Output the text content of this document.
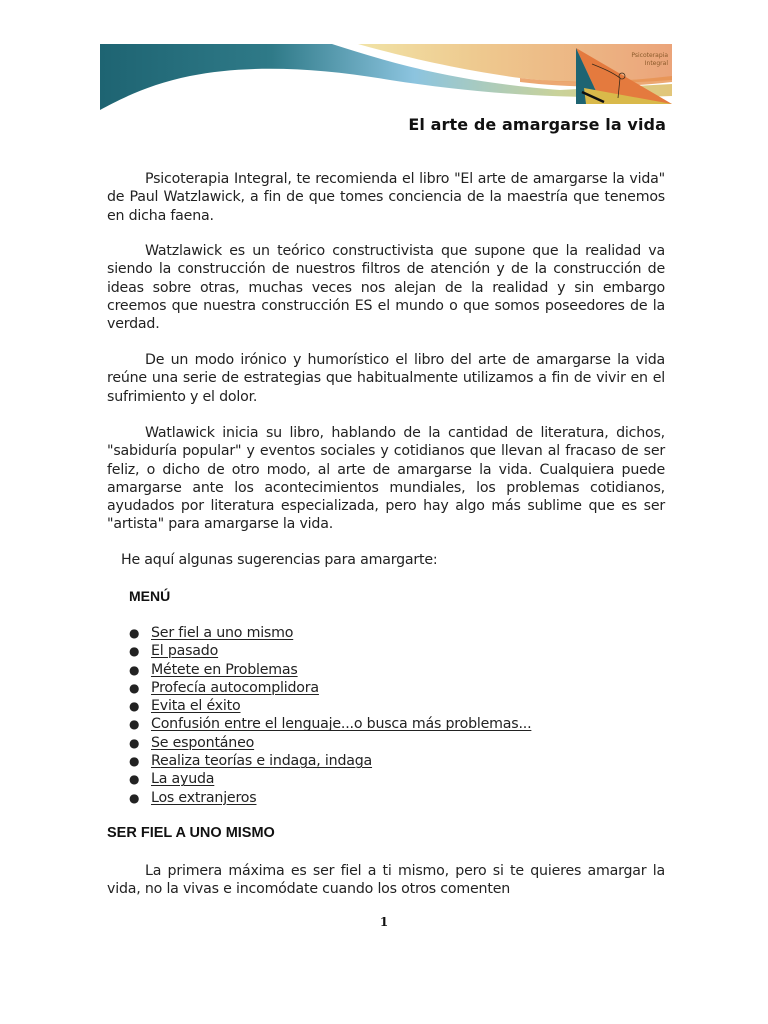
Psicoterapia Integral
El arte de amargarse la vida

Psicoterapia Integral, te recomienda el libro "El arte de amargarse la vida" de Paul Watzlawick, a fin de que tomes conciencia de la maestría que tenemos en dicha faena.

Watzlawick es un teórico constructivista que supone que la realidad va siendo la construcción de nuestros filtros de atención y de la construcción de ideas sobre otras, muchas veces nos alejan de la realidad y sin embargo creemos que nuestra construcción ES el mundo o que somos poseedores de la verdad.

De un modo irónico y humorístico el libro del arte de amargarse la vida reúne una serie de estrategias que habitualmente utilizamos a fin de vivir en el sufrimiento y el dolor.

Watlawick inicia su libro, hablando de la cantidad de literatura, dichos, "sabiduría popular" y eventos sociales y cotidianos que llevan al fracaso de ser feliz, o dicho de otro modo, al arte de amargarse la vida. Cualquiera puede amargarse ante los acontecimientos mundiales, los problemas cotidianos, ayudados por literatura especializada, pero hay algo más sublime que es ser "artista" para amargarse la vida.

He aquí algunas sugerencias para amargarte:
MENÚ
● Ser fiel a uno mismo
● El pasado
● Métete en Problemas
● Profecía autocomplidora
● Evita el éxito
● Confusión entre el lenguaje...o busca más problemas...
● Se espontáneo
● Realiza teorías e indaga, indaga
● La ayuda
● Los extranjeros
SER FIEL A UNO MISMO

La primera máxima es ser fiel a ti mismo, pero si te quieres amargar la vida, no la vivas e incomódate cuando los otros comenten

1
